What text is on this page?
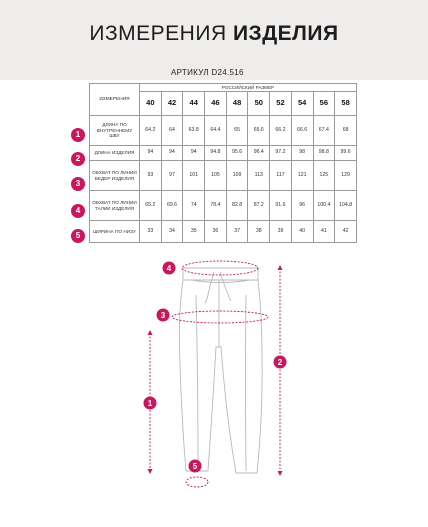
ИЗМЕРЕНИЯ ИЗДЕЛИЯ
АРТИКУЛ D24.516
ИЗМЕРЕНИЯ	РОССИЙСКИЙ РАЗМЕР									
	40	42	44	46	48	50	52	54	56	58
ДЛИНА ПО ВНУТРЕННЕМУ ШВУ	64.2	64	63.8	64.4	65	65.6	66.2	66.6	67.4	68
ДЛИНА ИЗДЕЛИЯ	94	94	94	94.8	95.6	96.4	97.2	98	98.8	99.6
ОБХВАТ ПО ЛИНИИ БЕДЕР ИЗДЕЛИЯ	93	97	101	105	109	113	117	121	125	129
ОБХВАТ ПО ЛИНИИ ТАЛИИ ИЗДЕЛИЯ	65.2	69.6	74	78.4	82.8	87.2	91.6	96	100.4	104.8
ШИРИНА ПО НИЗУ	33	34	35	36	37	38	39	40	41	42
1
2
3
4
5
4
3
1
2
5
